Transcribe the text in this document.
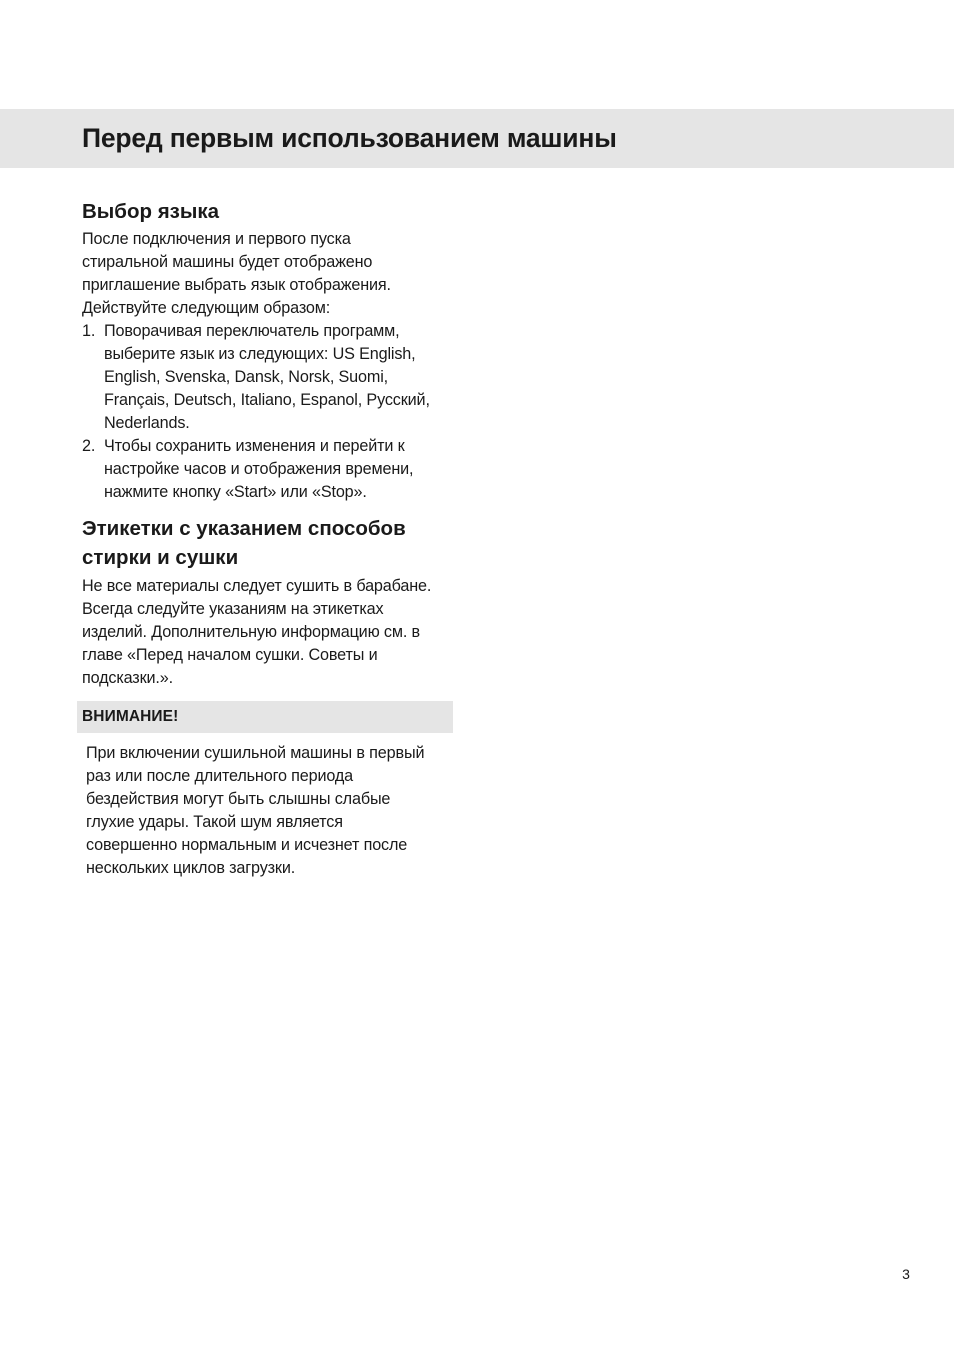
Перед первым использованием машины
Выбор языка

После подключения и первого пуска
стиральной машины будет отображено
приглашение выбрать язык отображения.
Действуйте следующим образом:

1. Поворачивая переключатель программ,
выберите язык из следующих: US English,
English, Svenska, Dansk, Norsk, Suomi,
Français, Deutsch, Italiano, Espanol, Русский,
Nederlands.
2. Чтобы сохранить изменения и перейти к
настройке часов и отображения времени,
нажмите кнопку «Start» или «Stop».
Этикетки с указанием способов
стирки и сушки

Не все материалы следует сушить в барабане.
Всегда следуйте указаниям на этикетках
изделий. Дополнительную информацию см. в
главе «Перед началом сушки. Советы и
подсказки.».

ВНИМАНИЕ!

При включении сушильной машины в первый
раз или после длительного периода
бездействия могут быть слышны слабые
глухие удары. Такой шум является
совершенно нормальным и исчезнет после
нескольких циклов загрузки.

3
